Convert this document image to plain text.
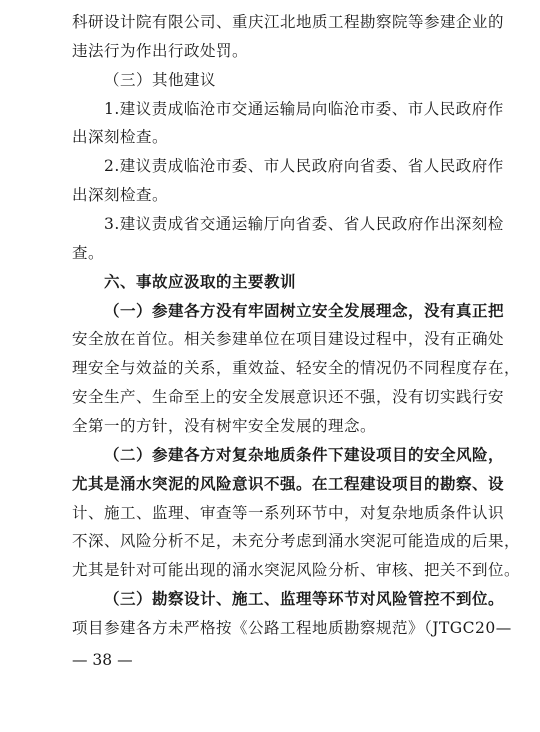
科研设计院有限公司、重庆江北地质工程勘察院等参建企业的
违法行为作出行政处罚。
（三）其他建议
1.建议责成临沧市交通运输局向临沧市委、市人民政府作
出深刻检查。
2.建议责成临沧市委、市人民政府向省委、省人民政府作
出深刻检查。
3.建议责成省交通运输厅向省委、省人民政府作出深刻检
查。
六、事故应汲取的主要教训
（一）参建各方没有牢固树立安全发展理念，没有真正把
安全放在首位。相关参建单位在项目建设过程中，没有正确处
理安全与效益的关系，重效益、轻安全的情况仍不同程度存在，
安全生产、生命至上的安全发展意识还不强，没有切实践行安
全第一的方针，没有树牢安全发展的理念。
（二）参建各方对复杂地质条件下建设项目的安全风险，
尤其是涌水突泥的风险意识不强。在工程建设项目的勘察、设
计、施工、监理、审查等一系列环节中，对复杂地质条件认识
不深、风险分析不足，未充分考虑到涌水突泥可能造成的后果，
尤其是针对可能出现的涌水突泥风险分析、审核、把关不到位。
（三）勘察设计、施工、监理等环节对风险管控不到位。
项目参建各方未严格按《公路工程地质勘察规范》（JTGC20—
— 38 —
